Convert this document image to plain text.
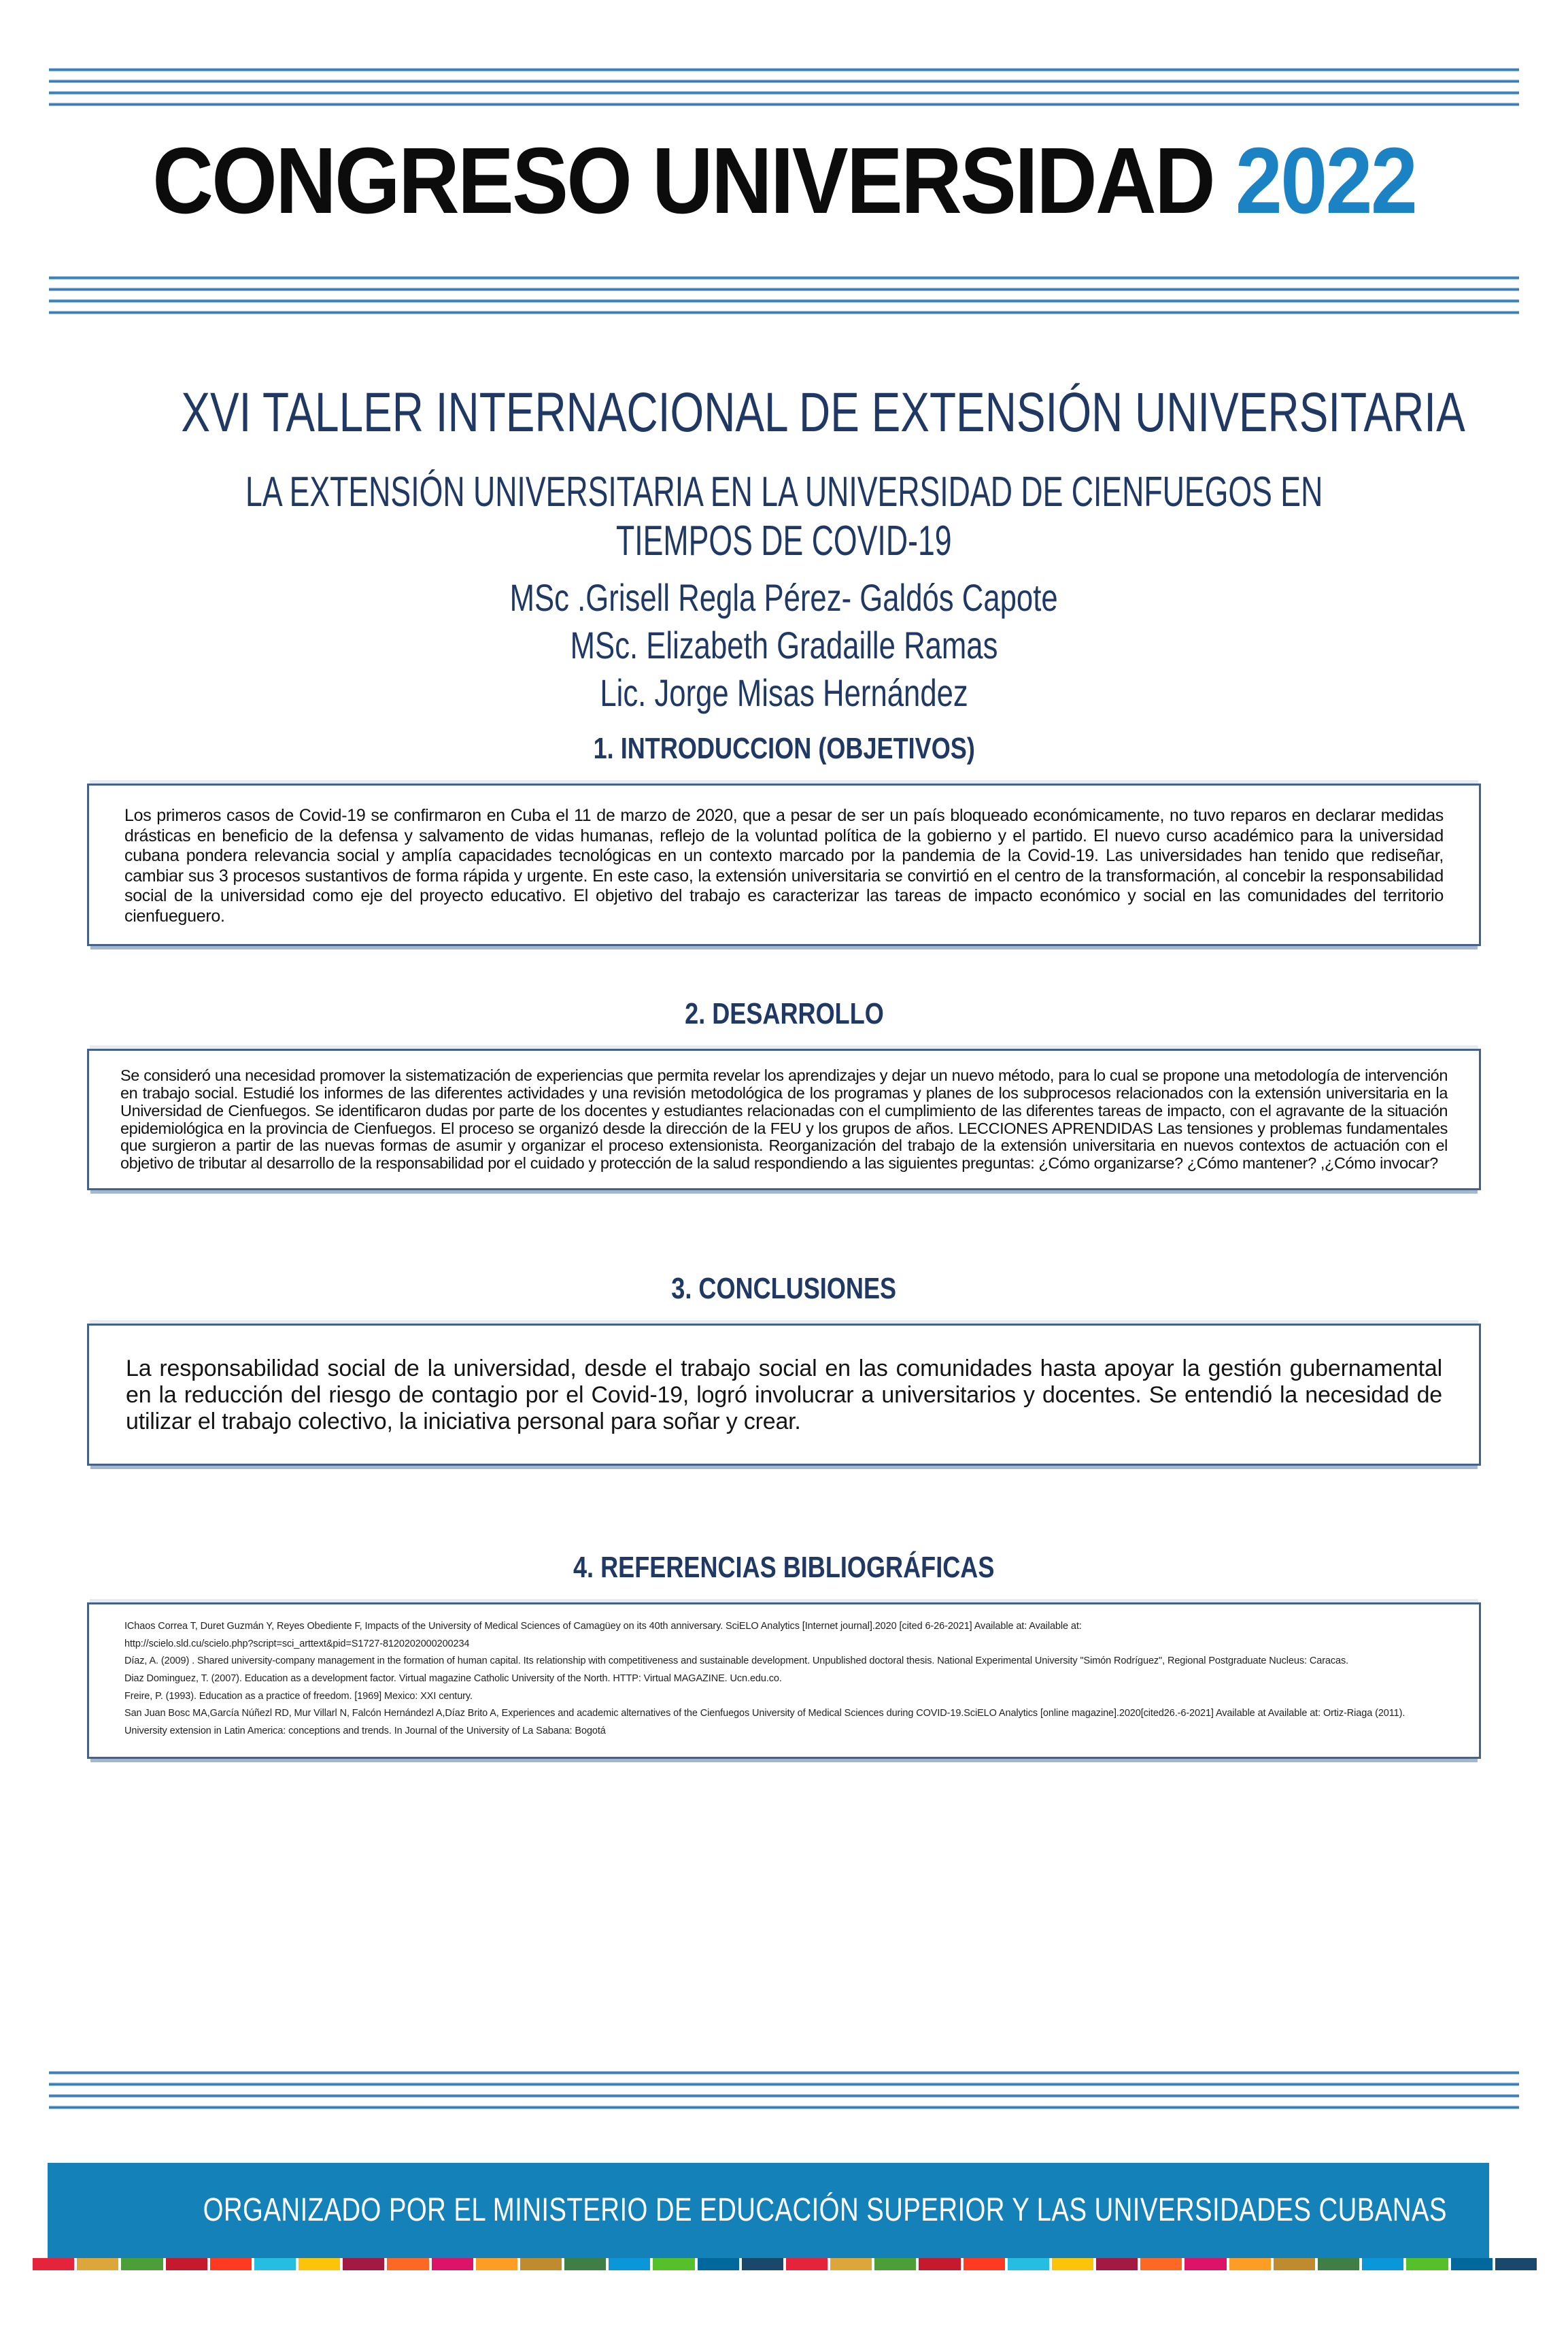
CONGRESO UNIVERSIDAD 2022
XVI TALLER INTERNACIONAL DE EXTENSIÓN UNIVERSITARIA
LA EXTENSIÓN UNIVERSITARIA EN LA UNIVERSIDAD DE CIENFUEGOS EN
TIEMPOS DE COVID-19
MSc .Grisell Regla Pérez- Galdós Capote
MSc. Elizabeth Gradaille Ramas
Lic. Jorge Misas Hernández
1. INTRODUCCION (OBJETIVOS)

Los primeros casos de Covid-19 se confirmaron en Cuba el 11 de marzo de 2020, que a pesar de ser un país bloqueado económicamente, no tuvo reparos en declarar medidas drásticas en beneficio de la defensa y salvamento de vidas humanas, reflejo de la voluntad política de la gobierno y el partido. El nuevo curso académico para la universidad cubana pondera relevancia social y amplía capacidades tecnológicas en un contexto marcado por la pandemia de la Covid-19. Las universidades han tenido que rediseñar, cambiar sus 3 procesos sustantivos de forma rápida y urgente. En este caso, la extensión universitaria se convirtió en el centro de la transformación, al concebir la responsabilidad social de la universidad como eje del proyecto educativo. El objetivo del trabajo es caracterizar las tareas de impacto económico y social en las comunidades del territorio cienfueguero.

2. DESARROLLO

Se consideró una necesidad promover la sistematización de experiencias que permita revelar los aprendizajes y dejar un nuevo método, para lo cual se propone una metodología de intervención en trabajo social. Estudié los informes de las diferentes actividades y una revisión metodológica de los programas y planes de los subprocesos relacionados con la extensión universitaria en la Universidad de Cienfuegos. Se identificaron dudas por parte de los docentes y estudiantes relacionadas con el cumplimiento de las diferentes tareas de impacto, con el agravante de la situación epidemiológica en la provincia de Cienfuegos. El proceso se organizó desde la dirección de la FEU y los grupos de años. LECCIONES APRENDIDAS Las tensiones y problemas fundamentales que surgieron a partir de las nuevas formas de asumir y organizar el proceso extensionista. Reorganización del trabajo de la extensión universitaria en nuevos contextos de actuación con el objetivo de tributar al desarrollo de la responsabilidad por el cuidado y protección de la salud respondiendo a las siguientes preguntas: ¿Cómo organizarse? ¿Cómo mantener? ,¿Cómo invocar?

3. CONCLUSIONES

La responsabilidad social de la universidad, desde el trabajo social en las comunidades hasta apoyar la gestión gubernamental en la reducción del riesgo de contagio por el Covid-19, logró involucrar a universitarios y docentes. Se entendió la necesidad de utilizar el trabajo colectivo, la iniciativa personal para soñar y crear.

4. REFERENCIAS BIBLIOGRÁFICAS

IChaos Correa T, Duret Guzmán Y, Reyes Obediente F, Impacts of the University of Medical Sciences of Camagüey on its 40th anniversary. SciELO Analytics [Internet journal].2020 [cited 6-26-2021] Available at: Available at:

http://scielo.sld.cu/scielo.php?script=sci_arttext&pid=S1727-8120202000200234

Díaz, A. (2009) . Shared university-company management in the formation of human capital. Its relationship with competitiveness and sustainable development. Unpublished doctoral thesis. National Experimental University "Simón Rodríguez", Regional Postgraduate Nucleus: Caracas.

Diaz Dominguez, T. (2007). Education as a development factor. Virtual magazine Catholic University of the North. HTTP: Virtual MAGAZINE. Ucn.edu.co.

Freire, P. (1993). Education as a practice of freedom. [1969] Mexico: XXI century.

San Juan Bosc MA,García Núñezl RD, Mur Villarl N, Falcón Hernándezl A,Díaz Brito A, Experiences and academic alternatives of the Cienfuegos University of Medical Sciences during COVID-19.SciELO Analytics [online magazine].2020[cited26.-6-2021] Available at Available at: Ortiz-Riaga (2011).

University extension in Latin America: conceptions and trends. In Journal of the University of La Sabana: Bogotá

ORGANIZADO POR EL MINISTERIO DE EDUCACIÓN SUPERIOR Y LAS UNIVERSIDADES CUBANAS
